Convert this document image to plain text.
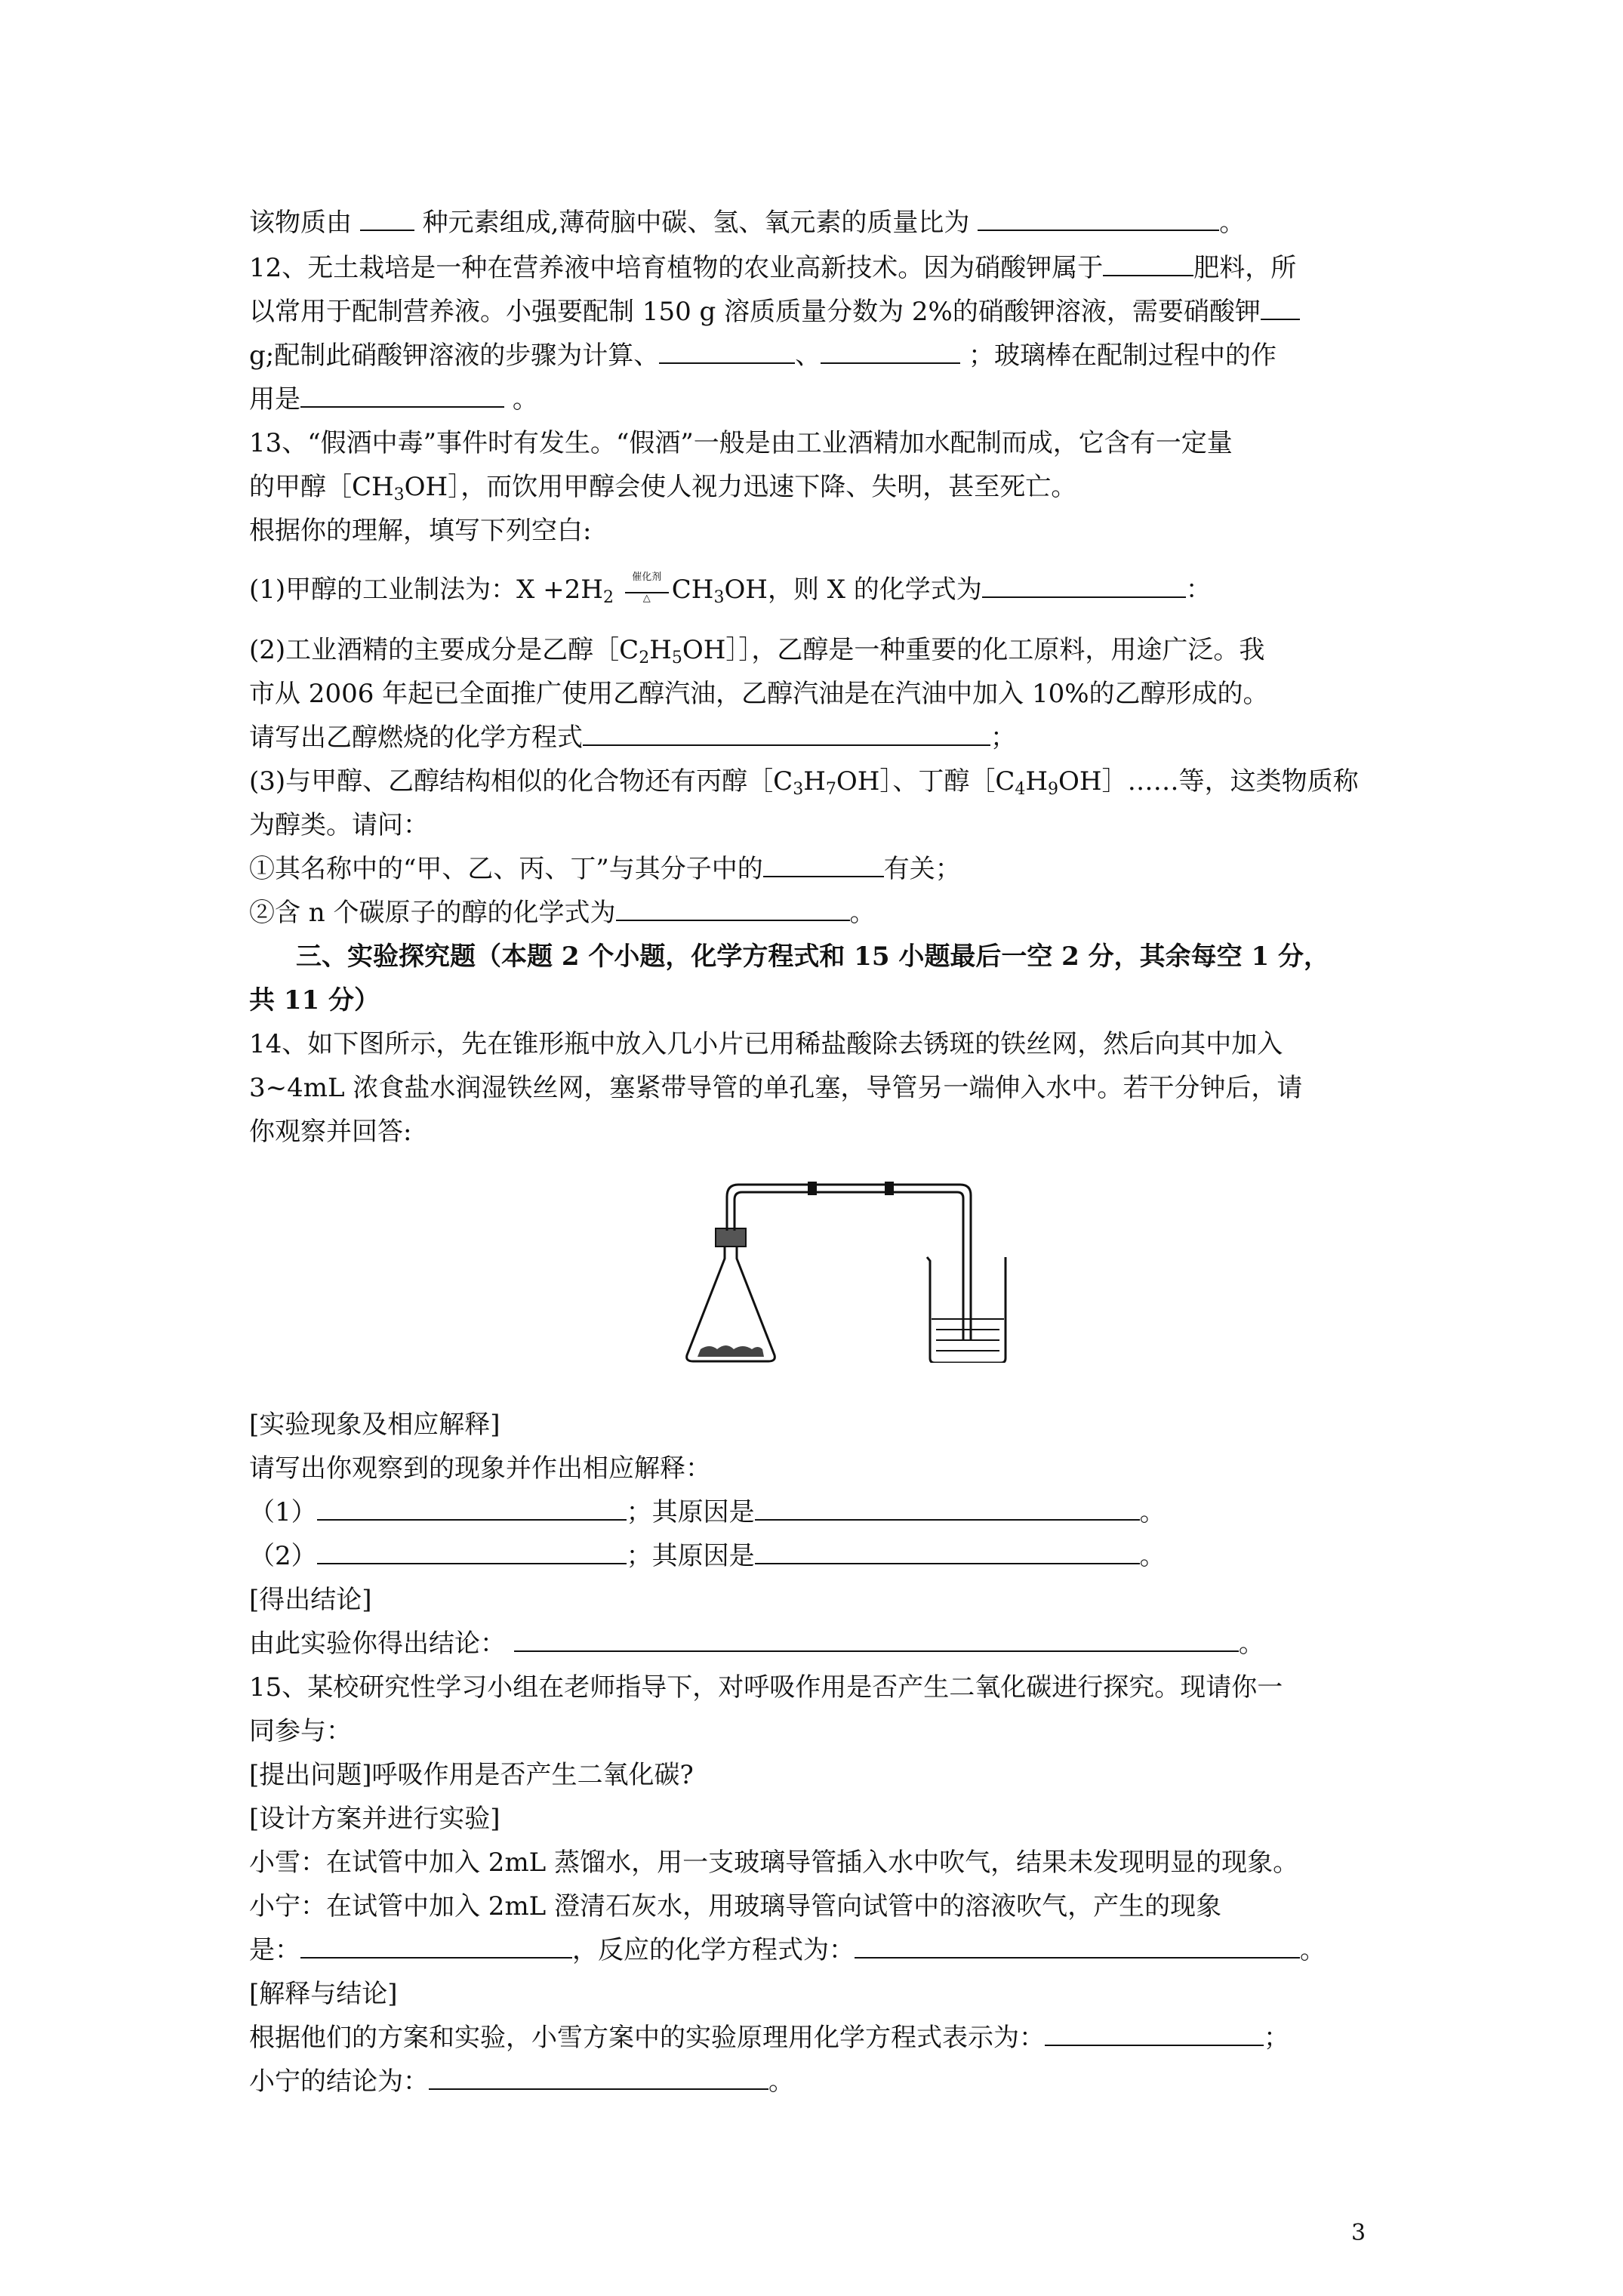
该物质由	种元素组成,薄荷脑中碳、氢、氧元素的质量比为	。
12、无土栽培是一种在营养液中培育植物的农业高新技术。因为硝酸钾属于	肥料，所
以常用于配制营养液。小强要配制 150 g 溶质质量分数为 2%的硝酸钾溶液，需要硝酸钾
g;配制此硝酸钾溶液的步骤为计算、	、	；玻璃棒在配制过程中的作
用是	。
13、“假酒中毒”事件时有发生。“假酒”一般是由工业酒精加水配制而成，它含有一定量
的甲醇$[CH_3OH]$，而饮用甲醇会使人视力迅速下降、失明，甚至死亡。
根据你的理解，填写下列空白:
(1)甲醇的工业制法为：$X +2H_2$
催化剂
△ $CH_3OH$，则 X 的化学式为	：
(2)工业酒精的主要成分是乙醇$[C_2H_5OH]]$，乙醇是一种重要的化工原料，用途广泛。我
市从 2006 年起已全面推广使用乙醇汽油，乙醇汽油是在汽油中加入 10%的乙醇形成的。
请写出乙醇燃烧的化学方程式	；
(3)与甲醇、乙醇结构相似的化合物还有丙醇$[C_3H_7OH]$、丁醇$[C_4H_9OH]\dots\dots$等，这类物质称
为醇类。请问：
①其名称中的“甲、乙、丙、丁”与其分子中的	有关；
②含 n 个碳原子的醇的化学式为	。
三、实验探究题（本题 2 个小题，化学方程式和 15 小题最后一空 2 分，其余每空 1 分，
共 11 分）
14、如下图所示，先在锥形瓶中放入几小片已用稀盐酸除去锈斑的铁丝网，然后向其中加入
3~4mL 浓食盐水润湿铁丝网，塞紧带导管的单孔塞，导管另一端伸入水中。若干分钟后，请
你观察并回答:
[实验现象及相应解释]
请写出你观察到的现象并作出相应解释：
（1）	；其原因是	。
（2）	；其原因是	。
[得出结论]
由此实验你得出结论：	。
15、某校研究性学习小组在老师指导下，对呼吸作用是否产生二氧化碳进行探究。现请你一
同参与：
[提出问题]呼吸作用是否产生二氧化碳?
[设计方案并进行实验]
小雪：在试管中加入 2mL 蒸馏水，用一支玻璃导管插入水中吹气，结果未发现明显的现象。
小宁：在试管中加入 2mL 澄清石灰水，用玻璃导管向试管中的溶液吹气，产生的现象
是：	，反应的化学方程式为：	。
[解释与结论]
根据他们的方案和实验，小雪方案中的实验原理用化学方程式表示为：	；
小宁的结论为：	。
3
